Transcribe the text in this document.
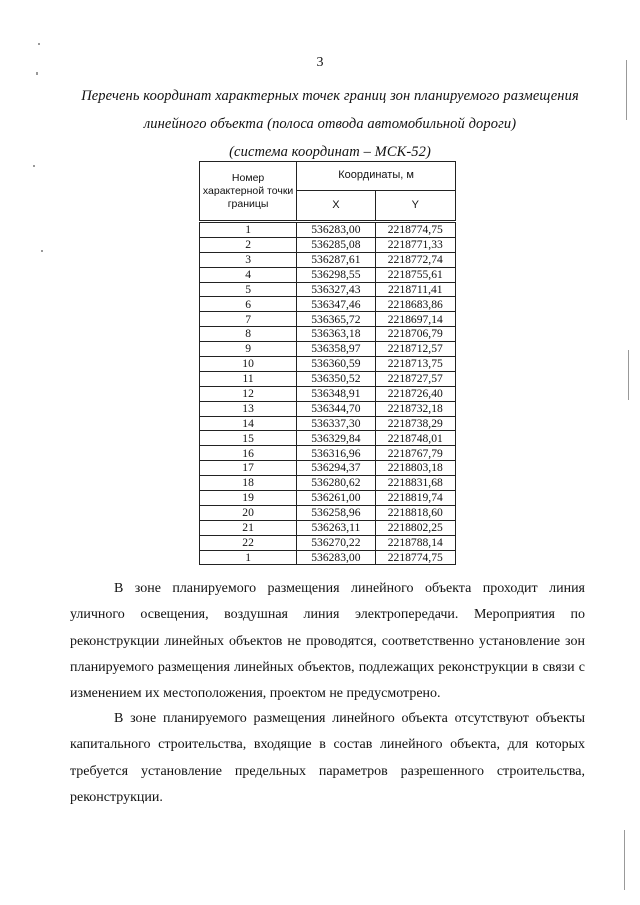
3
Перечень координат характерных точек границ зон планируемого размещения
линейного объекта (полоса отвода автомобильной дороги)
(система координат – МСК-52)
Номер характерной точки границы	Координаты, м	
	X	Y
1	536283,00	2218774,75
2	536285,08	2218771,33
3	536287,61	2218772,74
4	536298,55	2218755,61
5	536327,43	2218711,41
6	536347,46	2218683,86
7	536365,72	2218697,14
8	536363,18	2218706,79
9	536358,97	2218712,57
10	536360,59	2218713,75
11	536350,52	2218727,57
12	536348,91	2218726,40
13	536344,70	2218732,18
14	536337,30	2218738,29
15	536329,84	2218748,01
16	536316,96	2218767,79
17	536294,37	2218803,18
18	536280,62	2218831,68
19	536261,00	2218819,74
20	536258,96	2218818,60
21	536263,11	2218802,25
22	536270,22	2218788,14
1	536283,00	2218774,75

В зоне планируемого размещения линейного объекта проходит линия уличного освещения, воздушная линия электропередачи. Мероприятия по реконструкции линейных объектов не проводятся, соответственно установление зон планируемого размещения линейных объектов, подлежащих реконструкции в связи с изменением их местоположения, проектом не предусмотрено.

В зоне планируемого размещения линейного объекта отсутствуют объекты капитального строительства, входящие в состав линейного объекта, для которых требуется установление предельных параметров разрешенного строительства, реконструкции.
